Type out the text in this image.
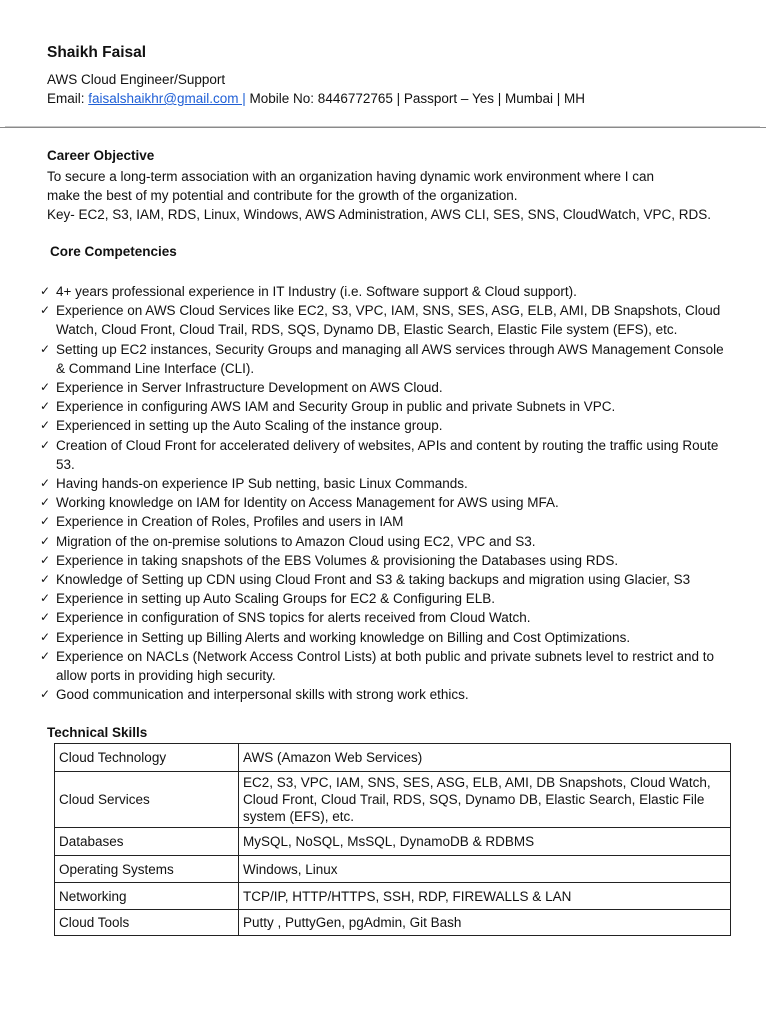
Shaikh Faisal
AWS Cloud Engineer/Support
Email: faisalshaikhr@gmail.com | Mobile No: 8446772765 | Passport – Yes | Mumbai | MH
Career Objective
To secure a long-term association with an organization having dynamic work environment where I can
make the best of my potential and contribute for the growth of the organization.
Key- EC2, S3, IAM, RDS, Linux, Windows, AWS Administration, AWS CLI, SES, SNS, CloudWatch, VPC, RDS.
Core Competencies
✓ 4+ years professional experience in IT Industry (i.e. Software support & Cloud support).
✓ Experience on AWS Cloud Services like EC2, S3, VPC, IAM, SNS, SES, ASG, ELB, AMI, DB Snapshots, Cloud Watch, Cloud Front, Cloud Trail, RDS, SQS, Dynamo DB, Elastic Search, Elastic File system (EFS), etc.
✓ Setting up EC2 instances, Security Groups and managing all AWS services through AWS Management Console & Command Line Interface (CLI).
✓ Experience in Server Infrastructure Development on AWS Cloud.
✓ Experience in configuring AWS IAM and Security Group in public and private Subnets in VPC.
✓ Experienced in setting up the Auto Scaling of the instance group.
✓ Creation of Cloud Front for accelerated delivery of websites, APIs and content by routing the traffic using Route 53.
✓ Having hands-on experience IP Sub netting, basic Linux Commands.
✓ Working knowledge on IAM for Identity on Access Management for AWS using MFA.
✓ Experience in Creation of Roles, Profiles and users in IAM
✓ Migration of the on-premise solutions to Amazon Cloud using EC2, VPC and S3.
✓ Experience in taking snapshots of the EBS Volumes & provisioning the Databases using RDS.
✓ Knowledge of Setting up CDN using Cloud Front and S3 & taking backups and migration using Glacier, S3
✓ Experience in setting up Auto Scaling Groups for EC2 & Configuring ELB.
✓ Experience in configuration of SNS topics for alerts received from Cloud Watch.
✓ Experience in Setting up Billing Alerts and working knowledge on Billing and Cost Optimizations.
✓ Experience on NACLs (Network Access Control Lists) at both public and private subnets level to restrict and to allow ports in providing high security.
✓ Good communication and interpersonal skills with strong work ethics.
Technical Skills
Cloud Technology	AWS (Amazon Web Services)
Cloud Services	EC2, S3, VPC, IAM, SNS, SES, ASG, ELB, AMI, DB Snapshots, Cloud Watch, Cloud Front, Cloud Trail, RDS, SQS, Dynamo DB, Elastic Search, Elastic File system (EFS), etc.
Databases	MySQL, NoSQL, MsSQL, DynamoDB & RDBMS
Operating Systems	Windows, Linux
Networking	TCP/IP, HTTP/HTTPS, SSH, RDP, FIREWALLS & LAN
Cloud Tools	Putty , PuttyGen, pgAdmin, Git Bash
